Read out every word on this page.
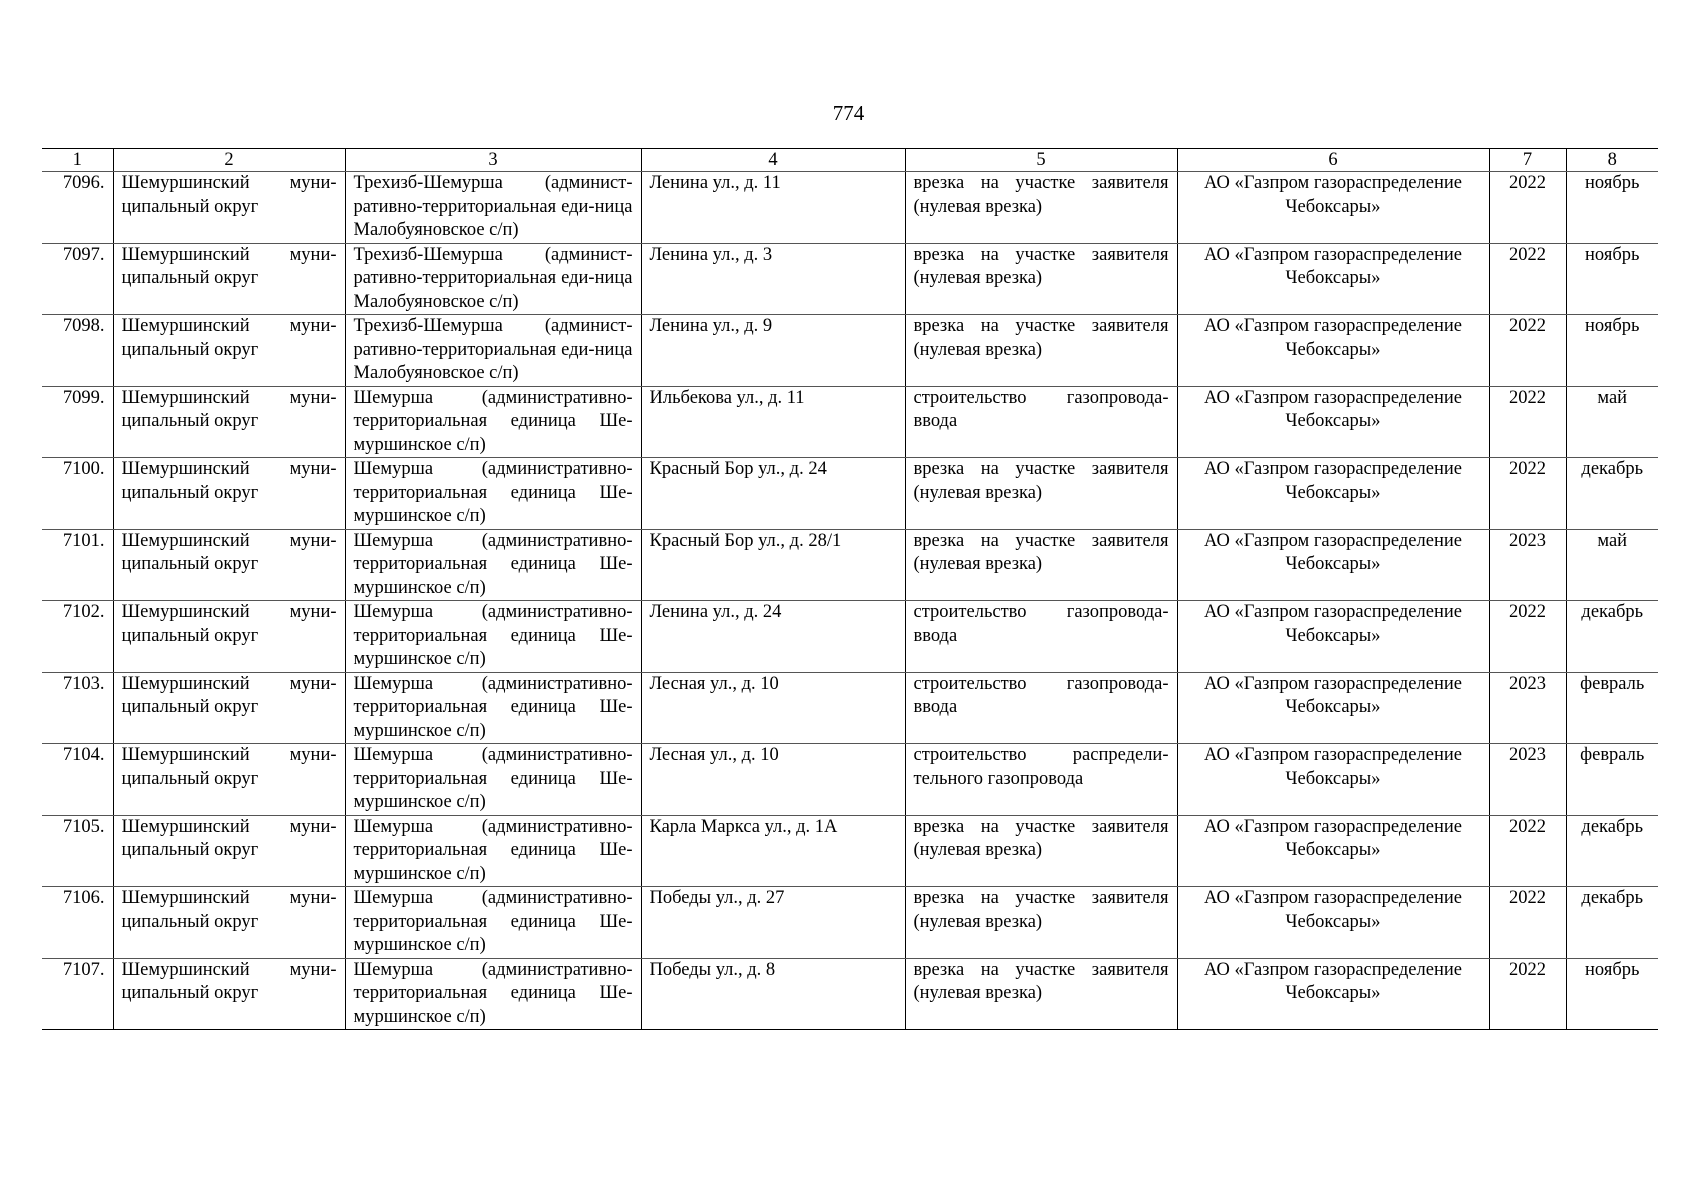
774
1	2	3	4	5	6	7	8
7096.	Шемуршинский муни-ципальный округ	Трехизб-Шемурша (админист-ративно-территориальная еди-ница Малобуяновское с/п)	Ленина ул., д. 11	врезка на участке заявителя (нулевая врезка)	АО «Газпром газораспределение Чебоксары»	2022	ноябрь
7097.	Шемуршинский муни-ципальный округ	Трехизб-Шемурша (админист-ративно-территориальная еди-ница Малобуяновское с/п)	Ленина ул., д. 3	врезка на участке заявителя (нулевая врезка)	АО «Газпром газораспределение Чебоксары»	2022	ноябрь
7098.	Шемуршинский муни-ципальный округ	Трехизб-Шемурша (админист-ративно-территориальная еди-ница Малобуяновское с/п)	Ленина ул., д. 9	врезка на участке заявителя (нулевая врезка)	АО «Газпром газораспределение Чебоксары»	2022	ноябрь
7099.	Шемуршинский муни-ципальный округ	Шемурша (административно-территориальная единица Ше-муршинское с/п)	Ильбекова ул., д. 11	строительство газопровода-ввода	АО «Газпром газораспределение Чебоксары»	2022	май
7100.	Шемуршинский муни-ципальный округ	Шемурша (административно-территориальная единица Ше-муршинское с/п)	Красный Бор ул., д. 24	врезка на участке заявителя (нулевая врезка)	АО «Газпром газораспределение Чебоксары»	2022	декабрь
7101.	Шемуршинский муни-ципальный округ	Шемурша (административно-территориальная единица Ше-муршинское с/п)	Красный Бор ул., д. 28/1	врезка на участке заявителя (нулевая врезка)	АО «Газпром газораспределение Чебоксары»	2023	май
7102.	Шемуршинский муни-ципальный округ	Шемурша (административно-территориальная единица Ше-муршинское с/п)	Ленина ул., д. 24	строительство газопровода-ввода	АО «Газпром газораспределение Чебоксары»	2022	декабрь
7103.	Шемуршинский муни-ципальный округ	Шемурша (административно-территориальная единица Ше-муршинское с/п)	Лесная ул., д. 10	строительство газопровода-ввода	АО «Газпром газораспределение Чебоксары»	2023	февраль
7104.	Шемуршинский муни-ципальный округ	Шемурша (административно-территориальная единица Ше-муршинское с/п)	Лесная ул., д. 10	строительство распредели-тельного газопровода	АО «Газпром газораспределение Чебоксары»	2023	февраль
7105.	Шемуршинский муни-ципальный округ	Шемурша (административно-территориальная единица Ше-муршинское с/п)	Карла Маркса ул., д. 1А	врезка на участке заявителя (нулевая врезка)	АО «Газпром газораспределение Чебоксары»	2022	декабрь
7106.	Шемуршинский муни-ципальный округ	Шемурша (административно-территориальная единица Ше-муршинское с/п)	Победы ул., д. 27	врезка на участке заявителя (нулевая врезка)	АО «Газпром газораспределение Чебоксары»	2022	декабрь
7107.	Шемуршинский муни-ципальный округ	Шемурша (административно-территориальная единица Ше-муршинское с/п)	Победы ул., д. 8	врезка на участке заявителя (нулевая врезка)	АО «Газпром газораспределение Чебоксары»	2022	ноябрь
